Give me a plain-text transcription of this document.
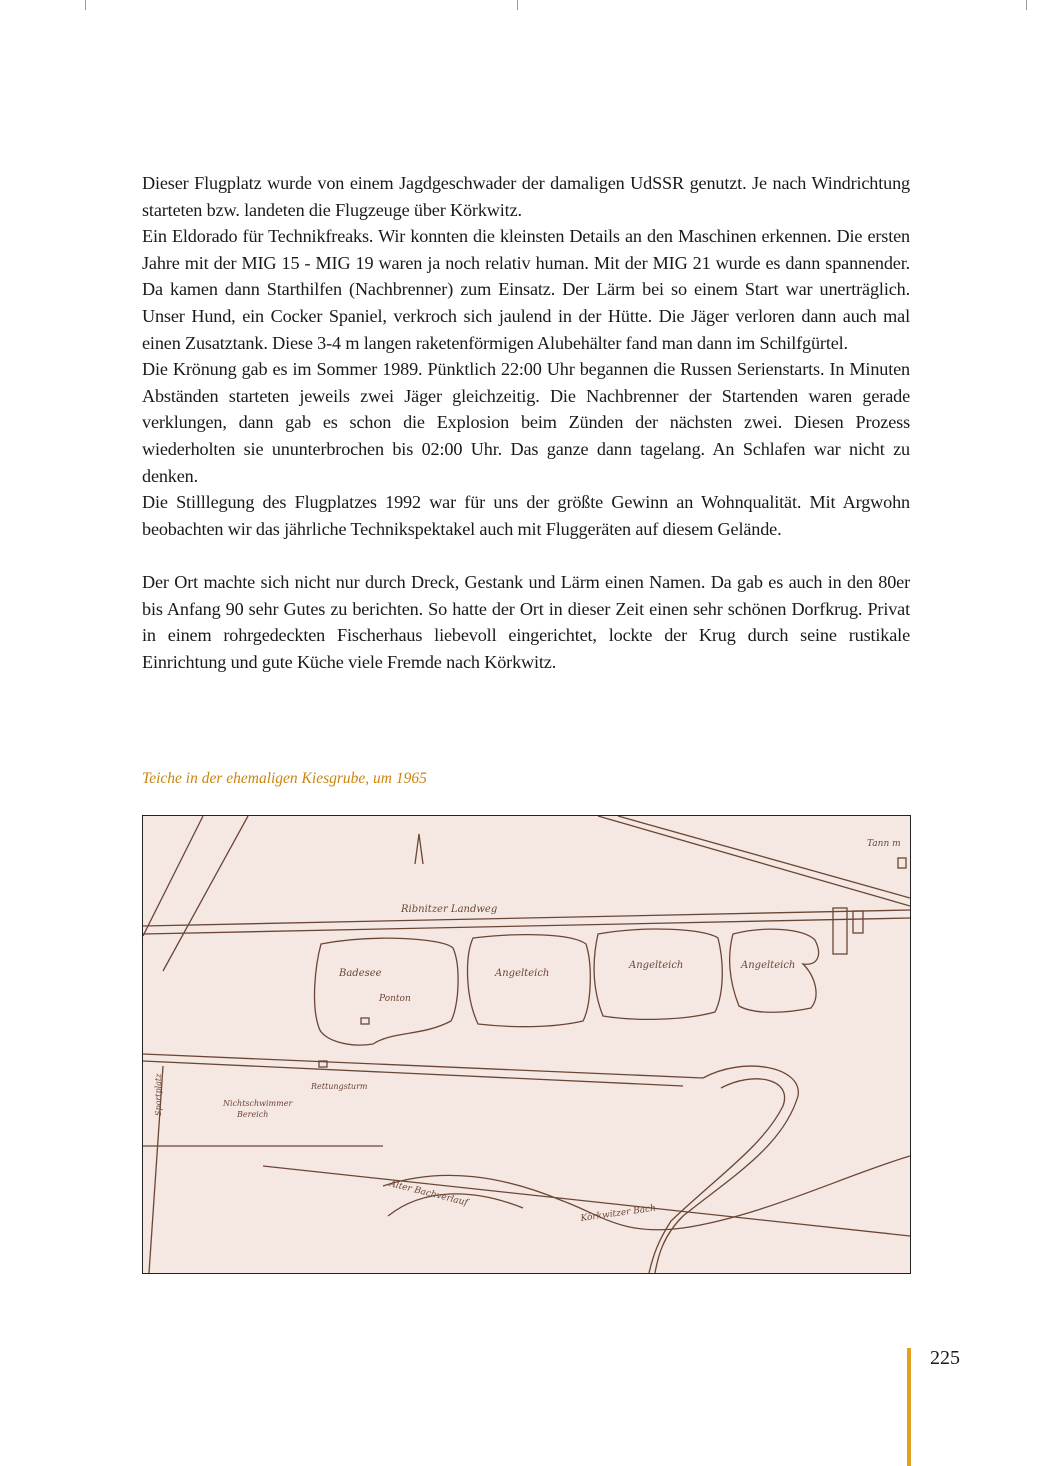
Dieser Flugplatz wurde von einem Jagdgeschwader der damaligen UdSSR genutzt. Je nach Windrichtung starteten bzw. landeten die Flugzeuge über Körkwitz.

Ein Eldorado für Technikfreaks. Wir konnten die kleinsten Details an den Maschinen erkennen. Die ersten Jahre mit der MIG 15 - MIG 19 waren ja noch relativ human. Mit der MIG 21 wurde es dann spannender. Da kamen dann Starthilfen (Nachbrenner) zum Einsatz. Der Lärm bei so einem Start war unerträglich. Unser Hund, ein Cocker Spaniel, verkroch sich jaulend in der Hütte. Die Jäger verloren dann auch mal einen Zusatztank. Diese 3-4 m langen raketenförmigen Alubehälter fand man dann im Schilfgürtel.

Die Krönung gab es im Sommer 1989. Pünktlich 22:00 Uhr begannen die Russen Serienstarts. In Minuten Abständen starteten jeweils zwei Jäger gleichzeitig. Die Nachbrenner der Startenden waren gerade verklungen, dann gab es schon die Explosion beim Zünden der nächsten zwei. Diesen Prozess wiederholten sie ununterbrochen bis 02:00 Uhr. Das ganze dann tagelang. An Schlafen war nicht zu denken.

Die Stilllegung des Flugplatzes 1992 war für uns der größte Gewinn an Wohnqualität. Mit Argwohn beobachten wir das jährliche Technikspektakel auch mit Fluggeräten auf diesem Gelände.

Der Ort machte sich nicht nur durch Dreck, Gestank und Lärm einen Namen. Da gab es auch in den 80er bis Anfang 90 sehr Gutes zu berichten. So hatte der Ort in dieser Zeit einen sehr schönen Dorfkrug. Privat in einem rohrgedeckten Fischerhaus liebevoll eingerichtet, lockte der Krug durch seine rustikale Einrichtung und gute Küche viele Fremde nach Körkwitz.

Teiche in der ehemaligen Kiesgrube, um 1965
Ribnitzer Landweg
Badesee	Angelteich
Angelteich	Angelteich
Ponton
Rettungsturm
Nichtschwimmer
Bereich
Sportplatz
Körkwitzer Bach
Alter Bachverlauf
Tann m
225
